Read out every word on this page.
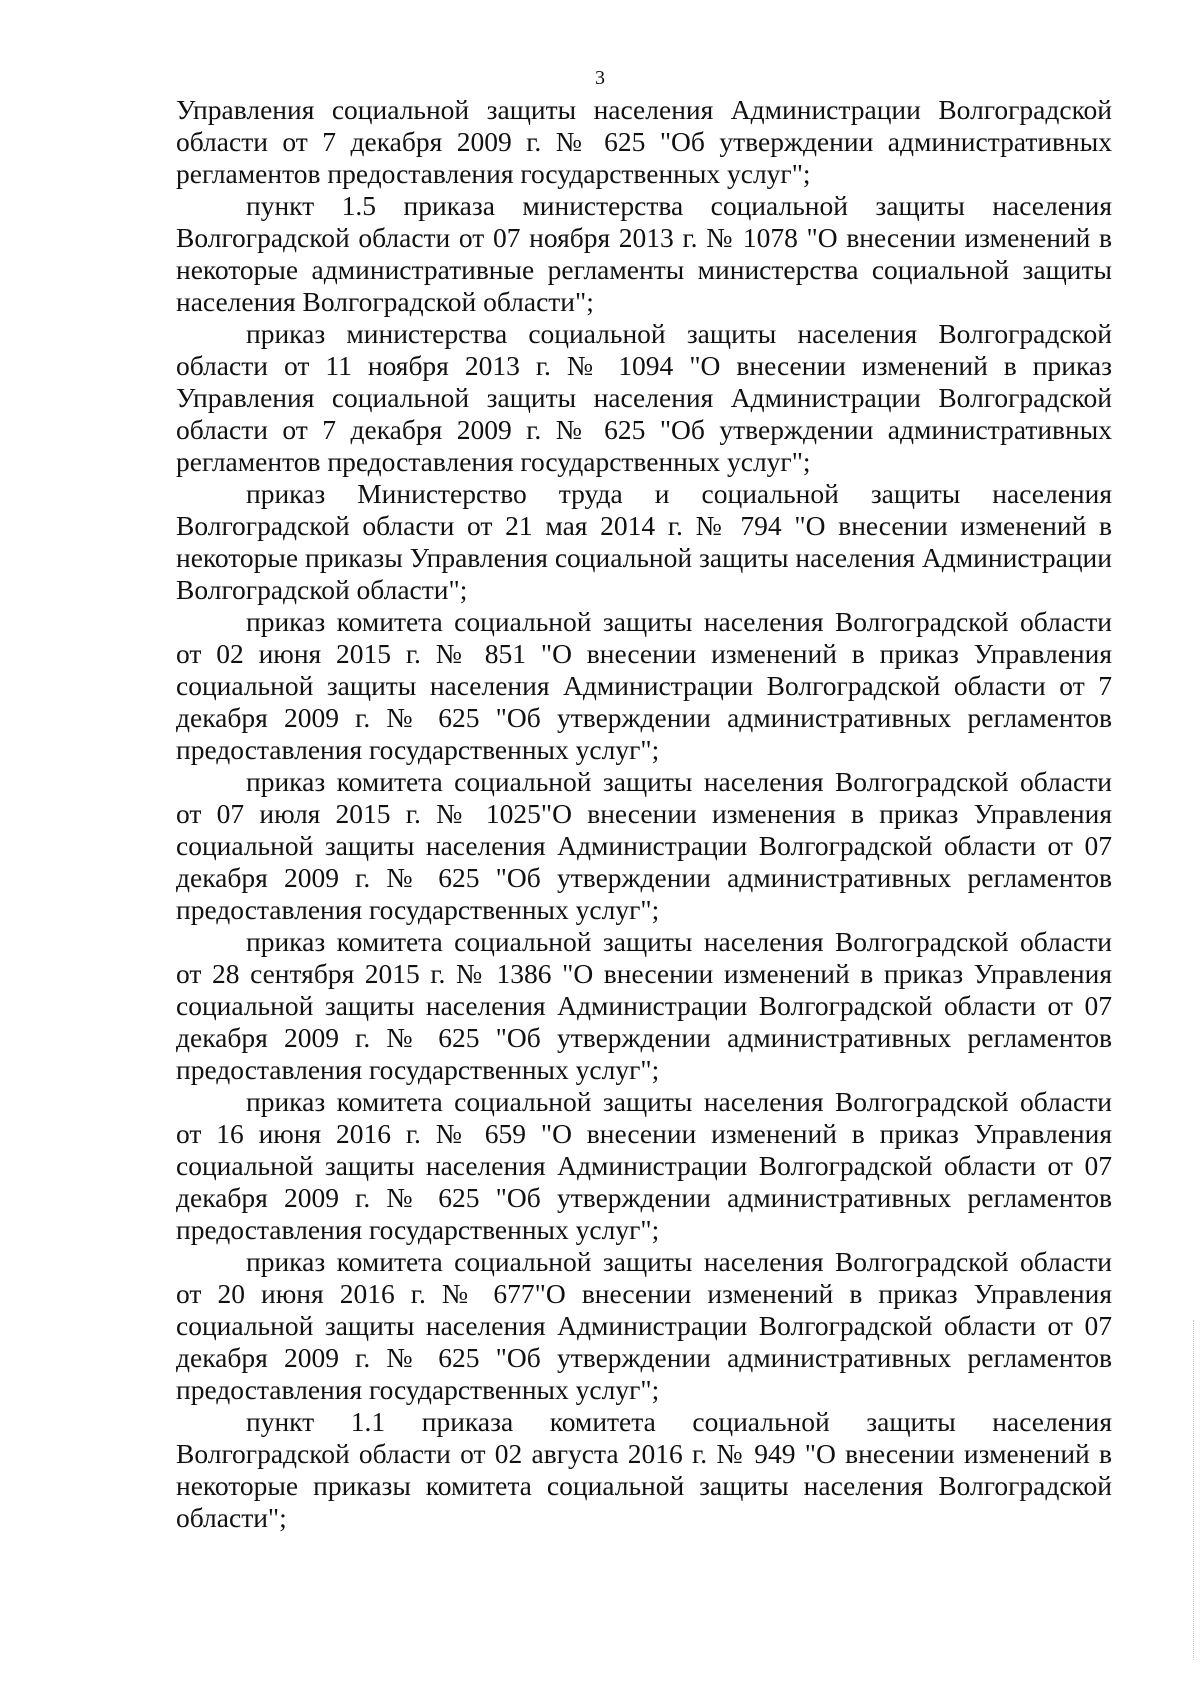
3

Управления социальной защиты населения Администрации Волгоградской области от 7 декабря 2009 г. № 625 "Об утверждении административных регламентов предоставления государственных услуг";

пункт 1.5 приказа министерства социальной защиты населения Волгоградской области от 07 ноября 2013 г. № 1078 "О внесении изменений в некоторые административные регламенты министерства социальной защиты населения Волгоградской области";

приказ министерства социальной защиты населения Волгоградской области от 11 ноября 2013 г. № 1094 "О внесении изменений в приказ Управления социальной защиты населения Администрации Волгоградской области от 7 декабря 2009 г. № 625 "Об утверждении административных регламентов предоставления государственных услуг";

приказ Министерство труда и социальной защиты населения Волгоградской области от 21 мая 2014 г. № 794 "О внесении изменений в некоторые приказы Управления социальной защиты населения Администрации Волгоградской области";

приказ комитета социальной защиты населения Волгоградской области от 02 июня 2015 г. № 851 "О внесении изменений в приказ Управления социальной защиты населения Администрации Волгоградской области от 7 декабря 2009 г. № 625 "Об утверждении административных регламентов предоставления государственных услуг";

приказ комитета социальной защиты населения Волгоградской области от 07 июля 2015 г. № 1025"О внесении изменения в приказ Управления социальной защиты населения Администрации Волгоградской области от 07 декабря 2009 г. № 625 "Об утверждении административных регламентов предоставления государственных услуг";

приказ комитета социальной защиты населения Волгоградской области от 28 сентября 2015 г. № 1386 "О внесении изменений в приказ Управления социальной защиты населения Администрации Волгоградской области от 07 декабря 2009 г. № 625 "Об утверждении административных регламентов предоставления государственных услуг";

приказ комитета социальной защиты населения Волгоградской области от 16 июня 2016 г. № 659 "О внесении изменений в приказ Управления социальной защиты населения Администрации Волгоградской области от 07 декабря 2009 г. № 625 "Об утверждении административных регламентов предоставления государственных услуг";

приказ комитета социальной защиты населения Волгоградской области от 20 июня 2016 г. № 677"О внесении изменений в приказ Управления социальной защиты населения Администрации Волгоградской области от 07 декабря 2009 г. № 625 "Об утверждении административных регламентов предоставления государственных услуг";

пункт 1.1 приказа комитета социальной защиты населения Волгоградской области от 02 августа 2016 г. № 949 "О внесении изменений в некоторые приказы комитета социальной защиты населения Волгоградской области";
